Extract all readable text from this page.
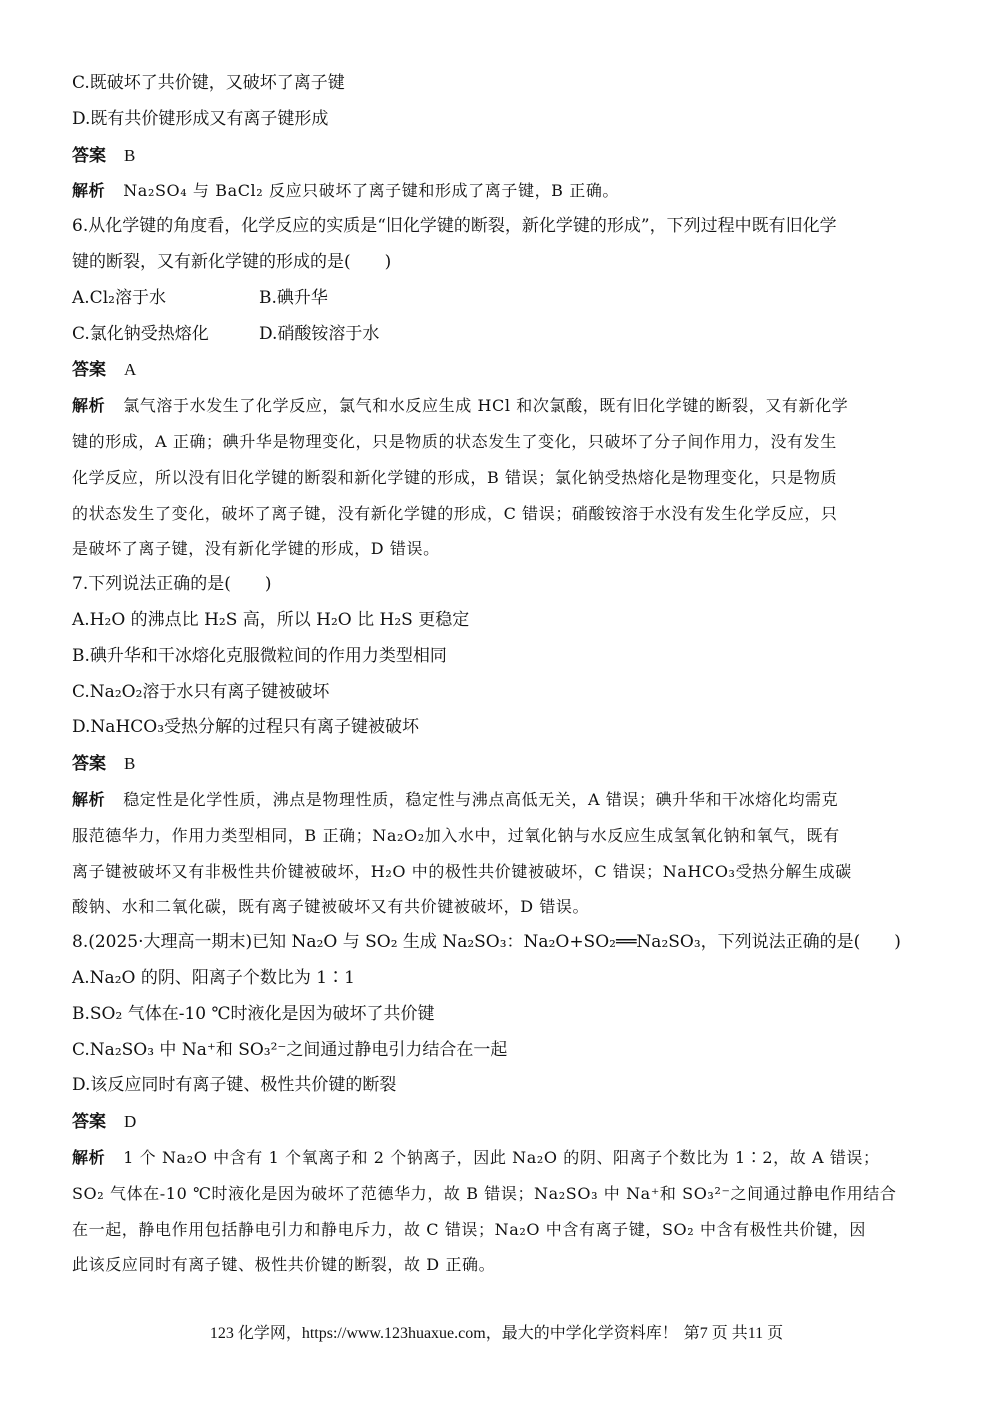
C.既破坏了共价键，又破坏了离子键
D.既有共价键形成又有离子键形成
答案 B
解析 Na₂SO₄ 与 BaCl₂ 反应只破坏了离子键和形成了离子键，B 正确。
6.从化学键的角度看，化学反应的实质是“旧化学键的断裂，新化学键的形成”，下列过程中既有旧化学
键的断裂，又有新化学键的形成的是(　　)
A.Cl₂溶于水	B.碘升华
C.氯化钠受热熔化	D.硝酸铵溶于水
答案 A
解析 氯气溶于水发生了化学反应，氯气和水反应生成 HCl 和次氯酸，既有旧化学键的断裂，又有新化学
键的形成，A 正确；碘升华是物理变化，只是物质的状态发生了变化，只破坏了分子间作用力，没有发生
化学反应，所以没有旧化学键的断裂和新化学键的形成，B 错误；氯化钠受热熔化是物理变化，只是物质
的状态发生了变化，破坏了离子键，没有新化学键的形成，C 错误；硝酸铵溶于水没有发生化学反应，只
是破坏了离子键，没有新化学键的形成，D 错误。
7.下列说法正确的是(　　)
A.H₂O 的沸点比 H₂S 高，所以 H₂O 比 H₂S 更稳定
B.碘升华和干冰熔化克服微粒间的作用力类型相同
C.Na₂O₂溶于水只有离子键被破坏
D.NaHCO₃受热分解的过程只有离子键被破坏
答案 B
解析 稳定性是化学性质，沸点是物理性质，稳定性与沸点高低无关，A 错误；碘升华和干冰熔化均需克
服范德华力，作用力类型相同，B 正确；Na₂O₂加入水中，过氧化钠与水反应生成氢氧化钠和氧气，既有
离子键被破坏又有非极性共价键被破坏，H₂O 中的极性共价键被破坏，C 错误；NaHCO₃受热分解生成碳
酸钠、水和二氧化碳，既有离子键被破坏又有共价键被破坏，D 错误。
8.(2025·大理高一期末)已知 Na₂O 与 SO₂ 生成 Na₂SO₃：Na₂O+SO₂══Na₂SO₃，下列说法正确的是(　　)
A.Na₂O 的阴、阳离子个数比为 1∶1
B.SO₂ 气体在-10 ℃时液化是因为破坏了共价键
C.Na₂SO₃ 中 Na⁺和 SO₃²⁻之间通过静电引力结合在一起
D.该反应同时有离子键、极性共价键的断裂
答案 D
解析 1 个 Na₂O 中含有 1 个氧离子和 2 个钠离子，因此 Na₂O 的阴、阳离子个数比为 1∶2，故 A 错误；
SO₂ 气体在-10 ℃时液化是因为破坏了范德华力，故 B 错误；Na₂SO₃ 中 Na⁺和 SO₃²⁻之间通过静电作用结合
在一起，静电作用包括静电引力和静电斥力，故 C 错误；Na₂O 中含有离子键，SO₂ 中含有极性共价键，因
此该反应同时有离子键、极性共价键的断裂，故 D 正确。
123 化学网，https://www.123huaxue.com，最大的中学化学资料库！ 第7 页 共11 页
